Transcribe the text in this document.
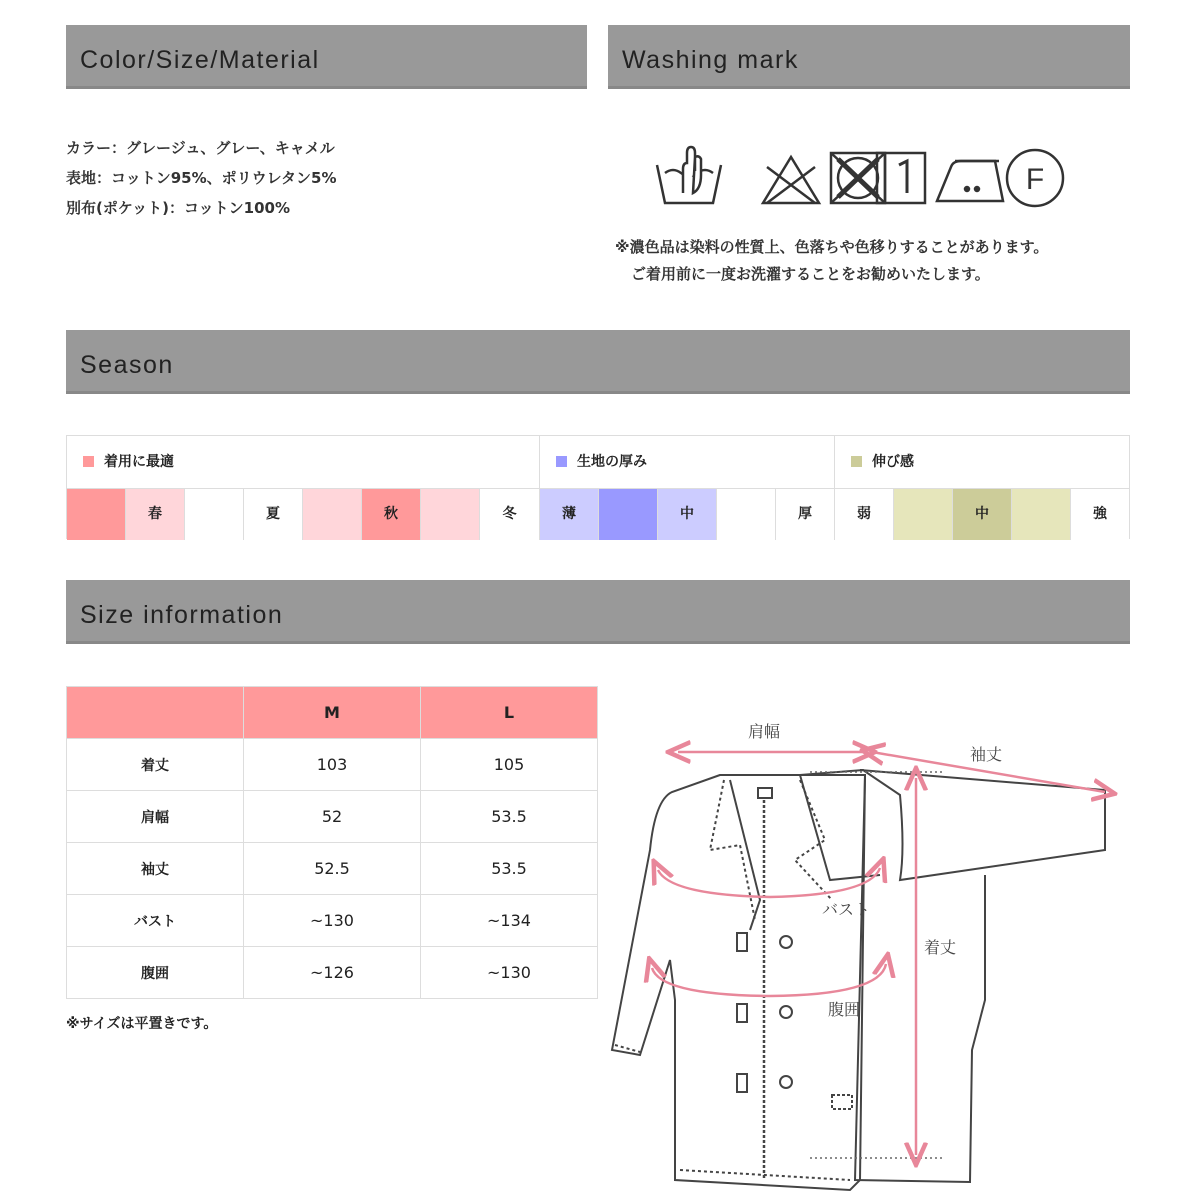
Color/Size/Material	Washing mark
Season
Size information
カラー：グレージュ、グレー、キャメル
表地：コットン95%、ポリウレタン5%
別布(ポケット)：コットン100%
F
※濃色品は染料の性質上、色落ちや色移りすることがあります。
ご着用前に一度お洗濯することをお勧めいたします。
着用に最適	生地の厚み	伸び感
春	夏	秋	冬	薄	中	厚	弱	中	強
	M	L
着丈	103	105
肩幅	52	53.5
袖丈	52.5	53.5
バスト	~130	~134
腹囲	~126	~130
※サイズは平置きです。
肩幅
袖丈
着丈
バスト
腹囲
